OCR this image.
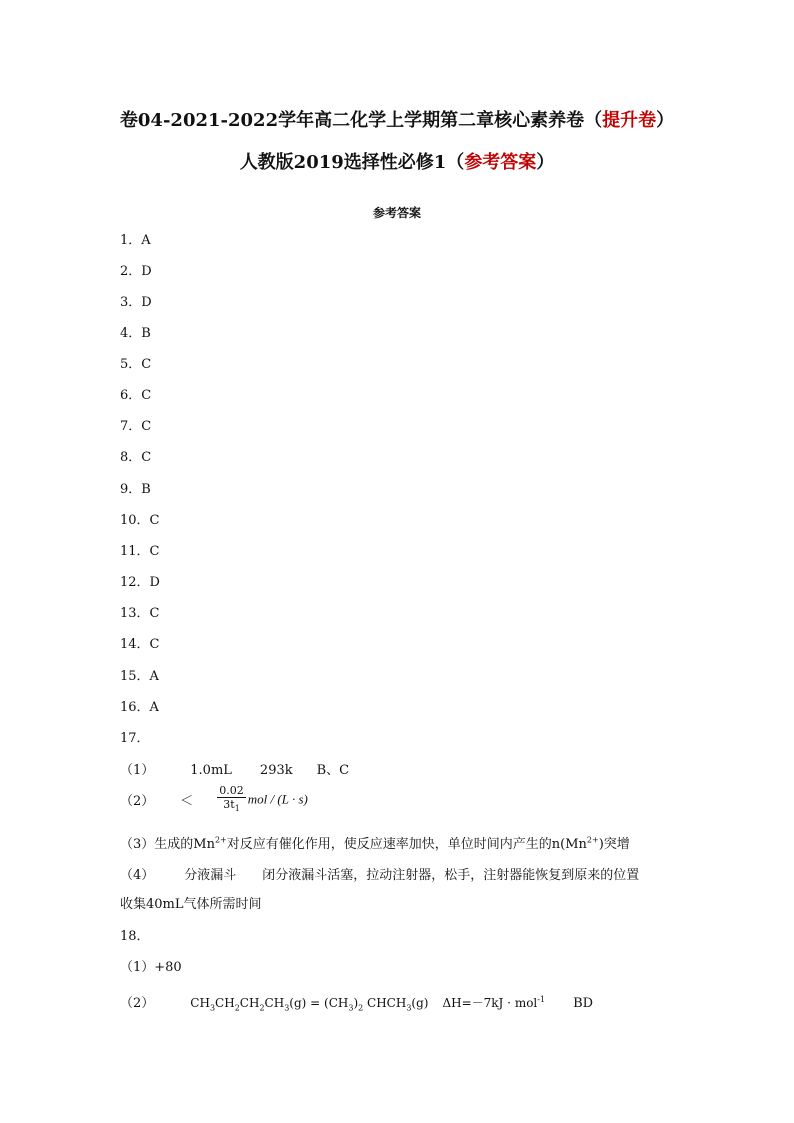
卷04-2021-2022学年高二化学上学期第二章核心素养卷（提升卷）
人教版2019选择性必修1（参考答案）
参考答案
1．A
2．D
3．D
4．B
5．C
6．C
7．C
8．C
9．B
10．C
11．C
12．D
13．C
14．C
15．A
16．A
17．
（1）	1.0mL 293k B、C
$(2) < \frac{0.02}{3t_1}$ mol / (L · s)
（3）生成的$Mn^{2+}$对反应有催化作用，使反应速率加快，单位时间内产生的$n(Mn^{2+})$突增
（4） 分液漏斗 闭分液漏斗活塞，拉动注射器，松手，注射器能恢复到原来的位置
收集40mL气体所需时间
18．
（1）+80
（2）	$CH_3CH_2CH_2CH_3(g) = (CH_3)_2$ $CHCH_3(g) \Delta H=-7kJ \cdot mol^{-1}$ BD
